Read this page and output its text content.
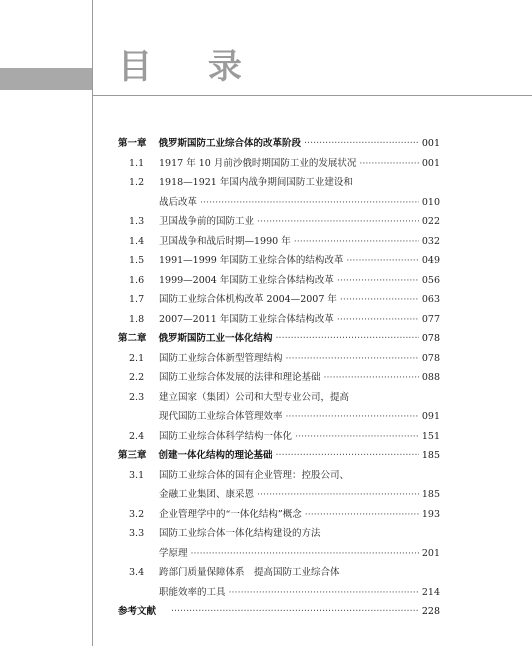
目 录
第一章 俄罗斯国防工业综合体的改革阶段 ·····	001
1.1	1917 年 10 月前沙俄时期国防工业的发展状况 ·····	001
1.2	1918—1921 年国内战争期间国防工业建设和
战后改革 ·····	010
1.3	卫国战争前的国防工业 ·····	022
1.4	卫国战争和战后时期—1990 年 ·····	032
1.5	1991—1999 年国防工业综合体的结构改革 ·····	049
1.6	1999—2004 年国防工业综合体结构改革 ·····	056
1.7	国防工业综合体机构改革 2004—2007 年 ·····	063
1.8	2007—2011 年国防工业综合体结构改革 ·····	077
第二章 俄罗斯国防工业一体化结构 ·····	078
2.1	国防工业综合体新型管理结构 ·····	078
2.2	国防工业综合体发展的法律和理论基础 ·····	088
2.3	建立国家（集团）公司和大型专业公司，提高
现代国防工业综合体管理效率 ·····	091
2.4	国防工业综合体科学结构一体化 ·····	151
第三章 创建一体化结构的理论基础 ·····	185
3.1	国防工业综合体的国有企业管理：控股公司、
金融工业集团、康采恩 ·····	185
3.2	企业管理学中的“一体化结构”概念 ·····	193
3.3	国防工业综合体一体化结构建设的方法
学原理 ·····	201
3.4	跨部门质量保障体系　提高国防工业综合体
职能效率的工具 ·····	214
参考文献 ·····	228
